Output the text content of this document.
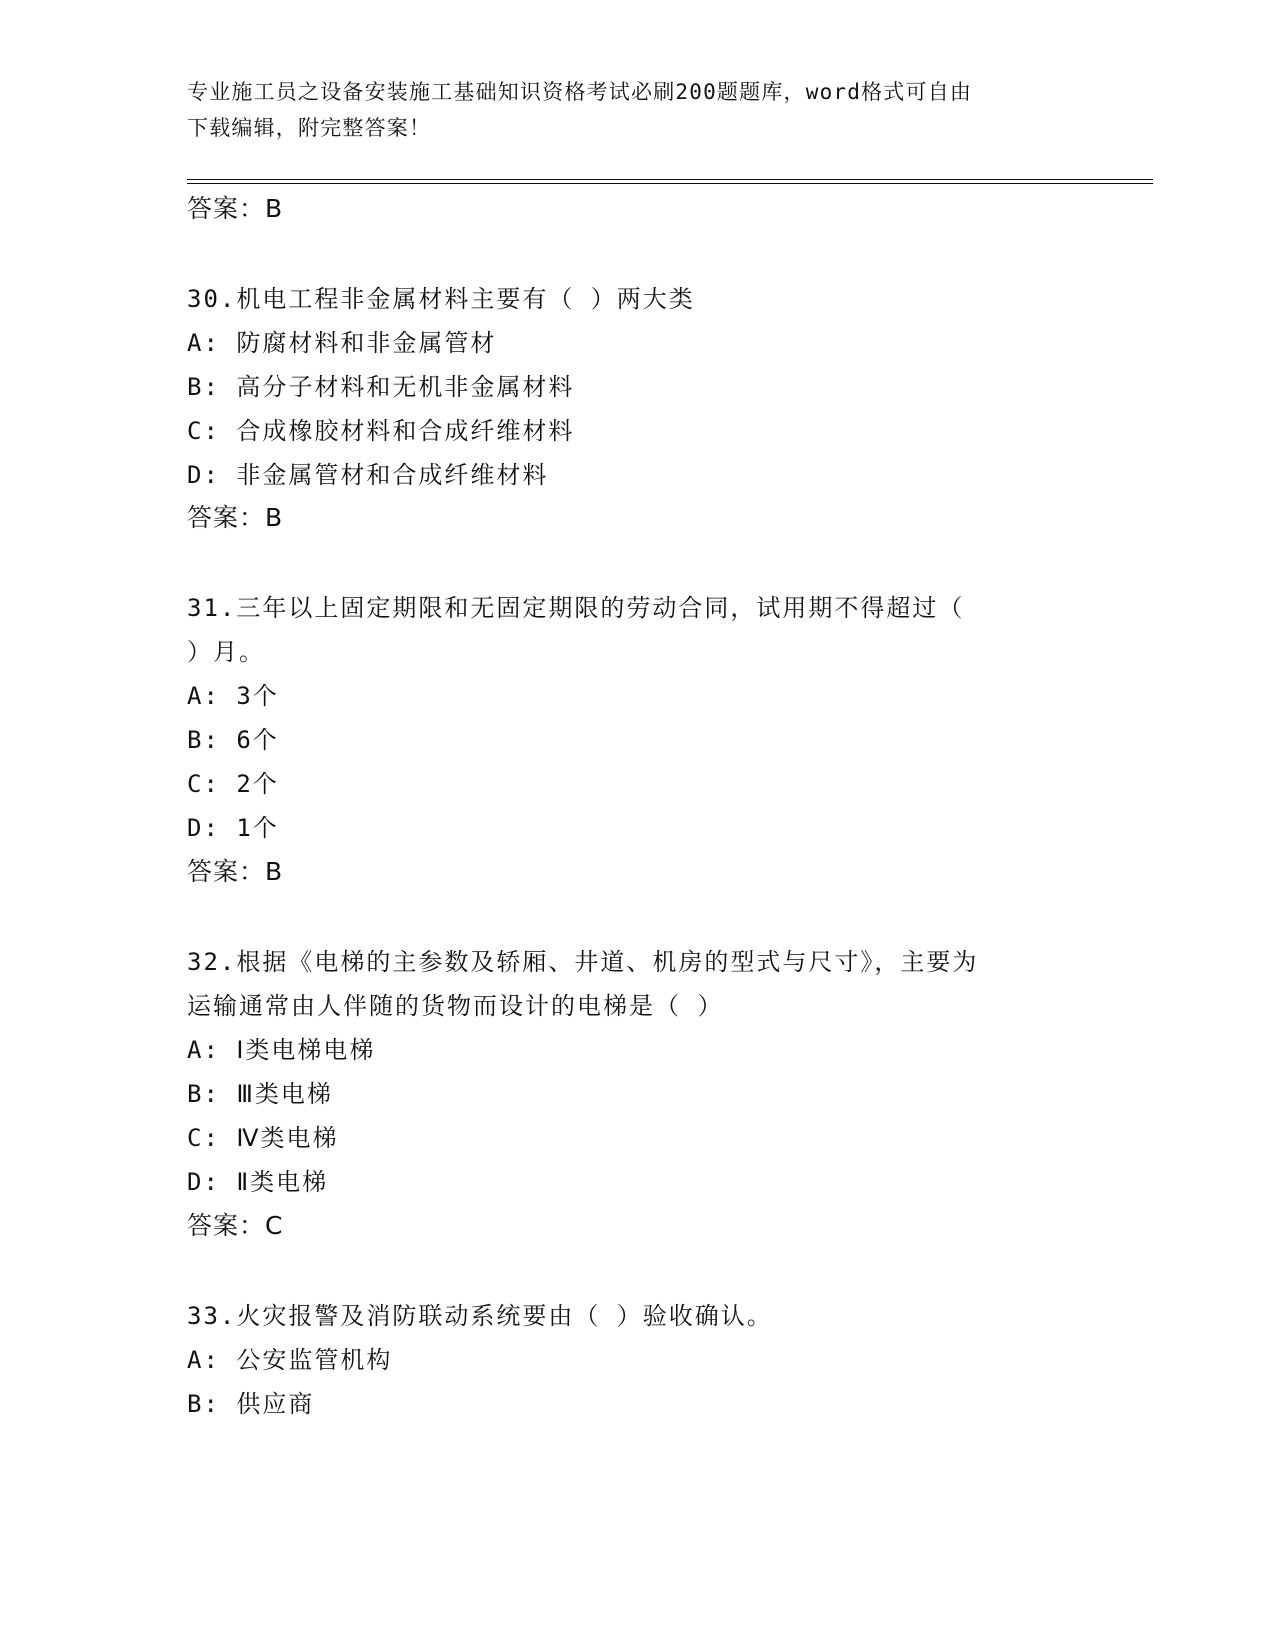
专业施工员之设备安装施工基础知识资格考试必刷200题题库，word格式可自由
下载编辑，附完整答案！
答案：B
30.机电工程非金属材料主要有（ ）两大类
A: 防腐材料和非金属管材
B: 高分子材料和无机非金属材料
C: 合成橡胶材料和合成纤维材料
D: 非金属管材和合成纤维材料
答案：B
31.三年以上固定期限和无固定期限的劳动合同，试用期不得超过（
）月。
A: 3个
B: 6个
C: 2个
D: 1个
答案：B
32.根据《电梯的主参数及轿厢、井道、机房的型式与尺寸》，主要为
运输通常由人伴随的货物而设计的电梯是（ ）
A: Ⅰ类电梯电梯
B: Ⅲ类电梯
C: Ⅳ类电梯
D: Ⅱ类电梯
答案：C
33.火灾报警及消防联动系统要由（ ）验收确认。
A: 公安监管机构
B: 供应商
